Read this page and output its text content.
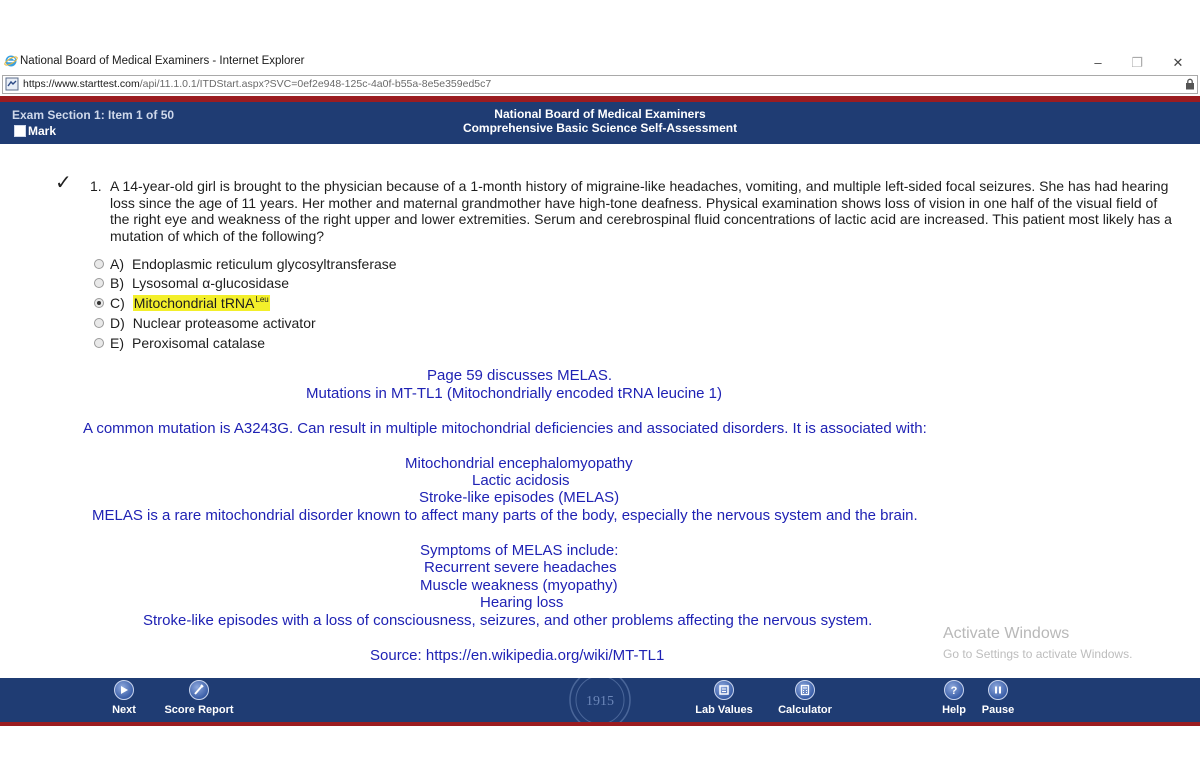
National Board of Medical Examiners - Internet Explorer	–	❐	✕
https://www.starttest.com/api/11.1.0.1/ITDStart.aspx?SVC=0ef2e948-125c-4a0f-b55a-8e5e359ed5c7
Exam Section 1: Item 1 of 50
Mark
National Board of Medical Examiners
Comprehensive Basic Science Self-Assessment
✓ 1. A 14-year-old girl is brought to the physician because of a 1-month history of migraine-like headaches, vomiting, and multiple left-sided focal seizures. She has had hearing loss since the age of 11 years. Her mother and maternal grandmother have high-tone deafness. Physical examination shows loss of vision in one half of the visual field of the right eye and weakness of the right upper and lower extremities. Serum and cerebrospinal fluid concentrations of lactic acid are increased. This patient most likely has a mutation of which of the following?
A) Endoplasmic reticulum glycosyltransferase
B) Lysosomal α-glucosidase
C) Mitochondrial tRNA$^{Leu}$
D) Nuclear proteasome activator
E) Peroxisomal catalase
Page 59 discusses MELAS.
Mutations in MT-TL1 (Mitochondrially encoded tRNA leucine 1)
A common mutation is A3243G. Can result in multiple mitochondrial deficiencies and associated disorders. It is associated with:
Mitochondrial encephalomyopathy
Lactic acidosis
Stroke-like episodes (MELAS)
MELAS is a rare mitochondrial disorder known to affect many parts of the body, especially the nervous system and the brain.
Symptoms of MELAS include:
Recurrent severe headaches
Muscle weakness (myopathy)
Hearing loss
Stroke-like episodes with a loss of consciousness, seizures, and other problems affecting the nervous system.
Source: https://en.wikipedia.org/wiki/MT-TL1
Activate Windows
Go to Settings to activate Windows.
1915
Next	Score Report	Lab Values Calculator
?
Help Pause
